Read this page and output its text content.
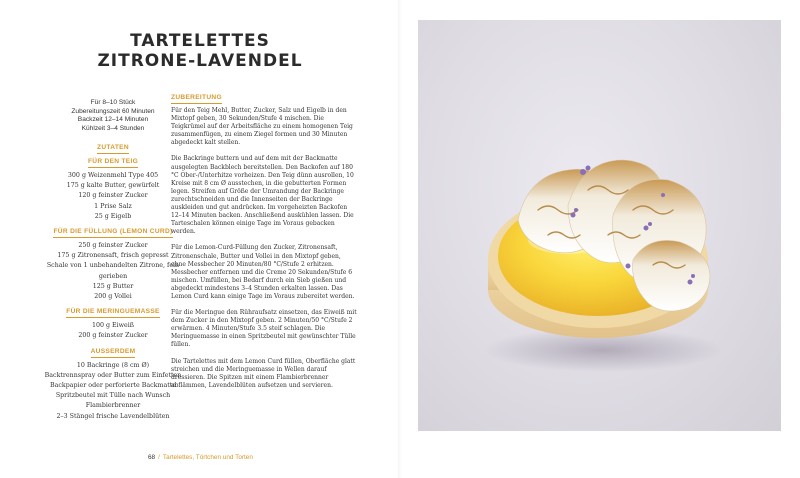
TARTELETTES
ZITRONE-LAVENDEL
Für 8–10 Stück
Zubereitungszeit 60 Minuten
Backzeit 12–14 Minuten
Kühlzeit 3–4 Stunden
ZUTATEN
FÜR DEN TEIG
300 g Weizenmehl Type 405
175 g kalte Butter, gewürfelt
120 g feinster Zucker
1 Prise Salz
25 g Eigelb
FÜR DIE FÜLLUNG (LEMON CURD)
250 g feinster Zucker
175 g Zitronensaft, frisch gepresst
Schale von 1 unbehandelten Zitrone, fein gerieben
125 g Butter
200 g Vollei
FÜR DIE MERINGUEMASSE
100 g Eiweiß
200 g feinster Zucker
AUSSERDEM
10 Backringe (8 cm Ø)
Backtrennspray oder Butter zum Einfetten
Backpapier oder perforierte Backmatte
Spritzbeutel mit Tülle nach Wunsch
Flambierbrenner
2–3 Stängel frische Lavendelblüten
ZUBEREITUNG

Für den Teig Mehl, Butter, Zucker, Salz und Eigelb in den Mixtopf geben, 30 Sekunden/Stufe 4 mischen. Die Teigkrümel auf der Arbeitsfläche zu einem homogenen Teig zusammenfügen, zu einem Ziegel formen und 30 Minuten abgedeckt kalt stellen.

Die Backringe buttern und auf dem mit der Backmatte ausgelegten Backblech bereitstellen. Den Backofen auf 180 °C Ober-/Unterhitze vorheizen. Den Teig dünn ausrollen, 10 Kreise mit 8 cm Ø ausstechen, in die gebutterten Formen legen. Streifen auf Größe der Umrandung der Backringe zurechtschneiden und die Innenseiten der Backringe auskleiden und gut andrücken. Im vorgeheizten Backofen 12–14 Minuten backen. Anschließend auskühlen lassen. Die Tarteschalen können einige Tage im Voraus gebacken werden.

Für die Lemon-Curd-Füllung den Zucker, Zitronensaft, Zitronenschale, Butter und Vollei in den Mixtopf geben, ohne Messbecher 20 Minuten/80 °C/Stufe 2 erhitzen. Messbecher entfernen und die Creme 20 Sekunden/Stufe 6 mischen. Umfüllen, bei Bedarf durch ein Sieb gießen und abgedeckt mindestens 3–4 Stunden erkalten lassen. Das Lemon Curd kann einige Tage im Voraus zubereitet werden.

Für die Meringue den Rühraufsatz einsetzen, das Eiweiß mit dem Zucker in den Mixtopf geben. 2 Minuten/50 °C/Stufe 2 erwärmen. 4 Minuten/Stufe 3.5 steif schlagen. Die Meringuemasse in einen Spritzbeutel mit gewünschter Tülle füllen.

Die Tartelettes mit dem Lemon Curd füllen, Oberfläche glatt streichen und die Meringuemasse in Wellen darauf dressieren. Die Spitzen mit einem Flambierbrenner abflämmen, Lavendelblüten aufsetzen und servieren.

68 / Tartelettes, Törtchen und Torten
